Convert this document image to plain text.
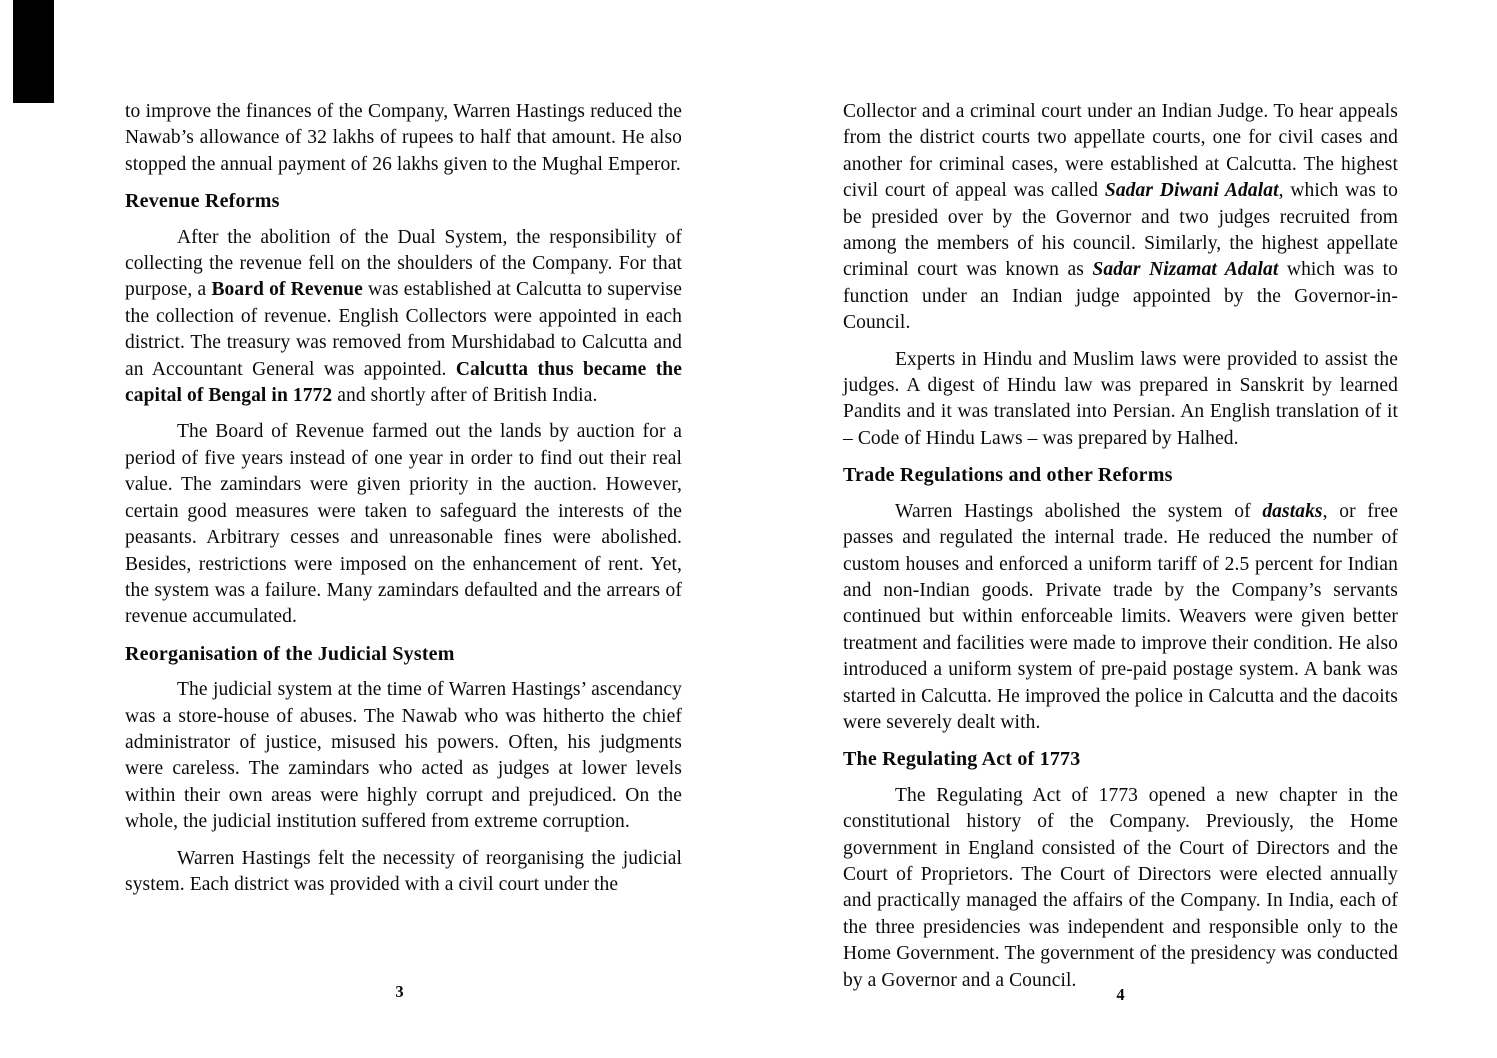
to improve the finances of the Company, Warren Hastings reduced the Nawab’s allowance of 32 lakhs of rupees to half that amount. He also stopped the annual payment of 26 lakhs given to the Mughal Emperor.

Revenue Reforms

After the abolition of the Dual System, the responsibility of collecting the revenue fell on the shoulders of the Company. For that purpose, a Board of Revenue was established at Calcutta to supervise the collection of revenue. English Collectors were appointed in each district. The treasury was removed from Murshidabad to Calcutta and an Accountant General was appointed. Calcutta thus became the capital of Bengal in 1772 and shortly after of British India.

The Board of Revenue farmed out the lands by auction for a period of five years instead of one year in order to find out their real value. The zamindars were given priority in the auction. However, certain good measures were taken to safeguard the interests of the peasants. Arbitrary cesses and unreasonable fines were abolished. Besides, restrictions were imposed on the enhancement of rent. Yet, the system was a failure. Many zamindars defaulted and the arrears of revenue accumulated.

Reorganisation of the Judicial System

The judicial system at the time of Warren Hastings’ ascendancy was a store-house of abuses. The Nawab who was hitherto the chief administrator of justice, misused his powers. Often, his judgments were careless. The zamindars who acted as judges at lower levels within their own areas were highly corrupt and prejudiced. On the whole, the judicial institution suffered from extreme corruption.

Warren Hastings felt the necessity of reorganising the judicial system. Each district was provided with a civil court under the

Collector and a criminal court under an Indian Judge. To hear appeals from the district courts two appellate courts, one for civil cases and another for criminal cases, were established at Calcutta. The highest civil court of appeal was called Sadar Diwani Adalat, which was to be presided over by the Governor and two judges recruited from among the members of his council. Similarly, the highest appellate criminal court was known as Sadar Nizamat Adalat which was to function under an Indian judge appointed by the Governor-in-Council.

Experts in Hindu and Muslim laws were provided to assist the judges. A digest of Hindu law was prepared in Sanskrit by learned Pandits and it was translated into Persian. An English translation of it – Code of Hindu Laws – was prepared by Halhed.

Trade Regulations and other Reforms

Warren Hastings abolished the system of dastaks, or free passes and regulated the internal trade. He reduced the number of custom houses and enforced a uniform tariff of 2.5 percent for Indian and non-Indian goods. Private trade by the Company’s servants continued but within enforceable limits. Weavers were given better treatment and facilities were made to improve their condition. He also introduced a uniform system of pre-paid postage system. A bank was started in Calcutta. He improved the police in Calcutta and the dacoits were severely dealt with.

The Regulating Act of 1773

The Regulating Act of 1773 opened a new chapter in the constitutional history of the Company. Previously, the Home government in England consisted of the Court of Directors and the Court of Proprietors. The Court of Directors were elected annually and practically managed the affairs of the Company. In India, each of the three presidencies was independent and responsible only to the Home Government. The government of the presidency was conducted by a Governor and a Council.

3	4
